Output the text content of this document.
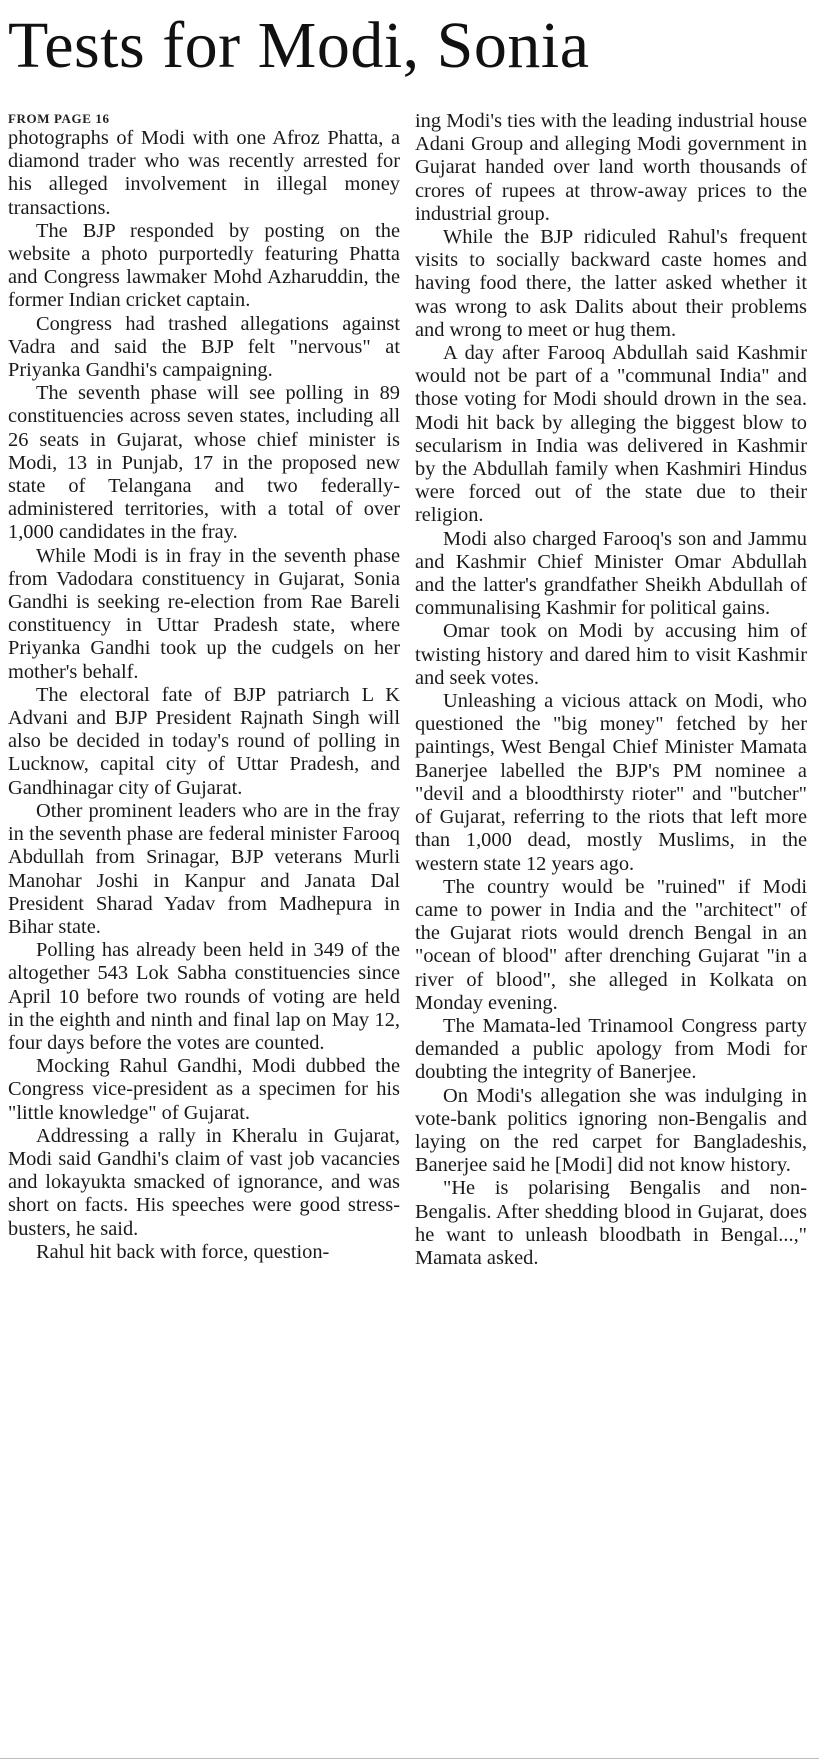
Tests for Modi, Sonia
FROM PAGE 16

photographs of Modi with one Afroz Phatta, a diamond trader who was recently arrested for his alleged involvement in illegal money transactions.

The BJP responded by posting on the website a photo purportedly featuring Phatta and Congress lawmaker Mohd Azharuddin, the former Indian cricket captain.

Congress had trashed allegations against Vadra and said the BJP felt "nervous" at Priyanka Gandhi's campaigning.

The seventh phase will see polling in 89 constituencies across seven states, including all 26 seats in Gujarat, whose chief minister is Modi, 13 in Punjab, 17 in the proposed new state of Telangana and two federally-administered territories, with a total of over 1,000 candidates in the fray.

While Modi is in fray in the seventh phase from Vadodara constituency in Gujarat, Sonia Gandhi is seeking re-election from Rae Bareli constituency in Uttar Pradesh state, where Priyanka Gandhi took up the cudgels on her mother's behalf.

The electoral fate of BJP patriarch L K Advani and BJP President Rajnath Singh will also be decided in today's round of polling in Lucknow, capital city of Uttar Pradesh, and Gandhinagar city of Gujarat.

Other prominent leaders who are in the fray in the seventh phase are federal minister Farooq Abdullah from Srinagar, BJP veterans Murli Manohar Joshi in Kanpur and Janata Dal President Sharad Yadav from Madhepura in Bihar state.

Polling has already been held in 349 of the altogether 543 Lok Sabha constituencies since April 10 before two rounds of voting are held in the eighth and ninth and final lap on May 12, four days before the votes are counted.

Mocking Rahul Gandhi, Modi dubbed the Congress vice-president as a specimen for his "little knowledge" of Gujarat.

Addressing a rally in Kheralu in Gujarat, Modi said Gandhi's claim of vast job vacancies and lokayukta smacked of ignorance, and was short on facts. His speeches were good stress-busters, he said.

Rahul hit back with force, question-

ing Modi's ties with the leading industrial house Adani Group and alleging Modi government in Gujarat handed over land worth thousands of crores of rupees at throw-away prices to the industrial group.

While the BJP ridiculed Rahul's frequent visits to socially backward caste homes and having food there, the latter asked whether it was wrong to ask Dalits about their problems and wrong to meet or hug them.

A day after Farooq Abdullah said Kashmir would not be part of a "communal India" and those voting for Modi should drown in the sea. Modi hit back by alleging the biggest blow to secularism in India was delivered in Kashmir by the Abdullah family when Kashmiri Hindus were forced out of the state due to their religion.

Modi also charged Farooq's son and Jammu and Kashmir Chief Minister Omar Abdullah and the latter's grandfather Sheikh Abdullah of communalising Kashmir for political gains.

Omar took on Modi by accusing him of twisting history and dared him to visit Kashmir and seek votes.

Unleashing a vicious attack on Modi, who questioned the "big money" fetched by her paintings, West Bengal Chief Minister Mamata Banerjee labelled the BJP's PM nominee a "devil and a bloodthirsty rioter" and "butcher" of Gujarat, referring to the riots that left more than 1,000 dead, mostly Muslims, in the western state 12 years ago.

The country would be "ruined" if Modi came to power in India and the "architect" of the Gujarat riots would drench Bengal in an "ocean of blood" after drenching Gujarat "in a river of blood", she alleged in Kolkata on Monday evening.

The Mamata-led Trinamool Congress party demanded a public apology from Modi for doubting the integrity of Banerjee.

On Modi's allegation she was indulging in vote-bank politics ignoring non-Bengalis and laying on the red carpet for Bangladeshis, Banerjee said he [Modi] did not know history.

"He is polarising Bengalis and non-Bengalis. After shedding blood in Gujarat, does he want to unleash bloodbath in Bengal...," Mamata asked.
